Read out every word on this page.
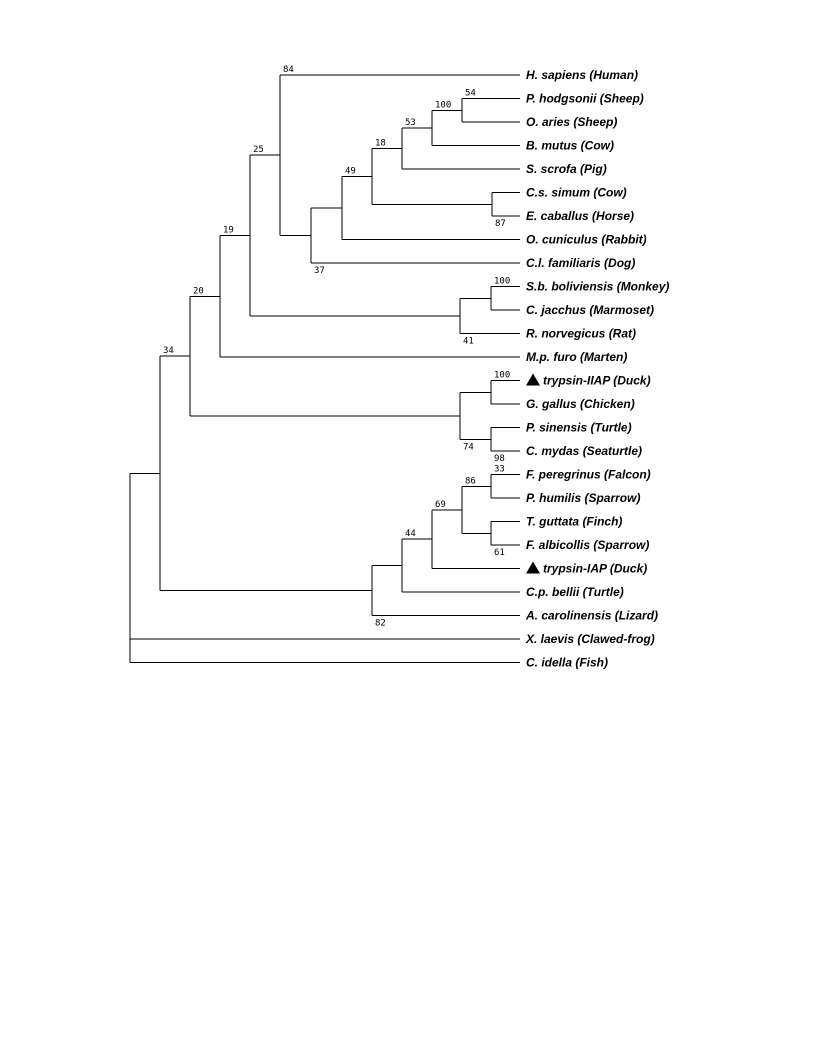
H. sapiens (Human)
P. hodgsonii (Sheep)
O. aries (Sheep)
54
B. mutus (Cow)
100
S. scrofa (Pig)
53
C.s. simum (Cow)
E. caballus (Horse)
87
18
O. cuniculus (Rabbit)
49
C.l. familiaris (Dog)
37
84
S.b. boliviensis (Monkey)
C. jacchus (Marmoset)
100
R. norvegicus (Rat)
41
25
M.p. furo (Marten)
19
trypsin-IIAP (Duck)
G. gallus (Chicken)
100
P. sinensis (Turtle)
C. mydas (Seaturtle)
98
74
20
F. peregrinus (Falcon)
P. humilis (Sparrow)
33
T. guttata (Finch)
F. albicollis (Sparrow)
61
86
trypsin-IAP (Duck)
69
C.p. bellii (Turtle)
44
A. carolinensis (Lizard)
82
34
X. laevis (Clawed-frog)
C. idella (Fish)
